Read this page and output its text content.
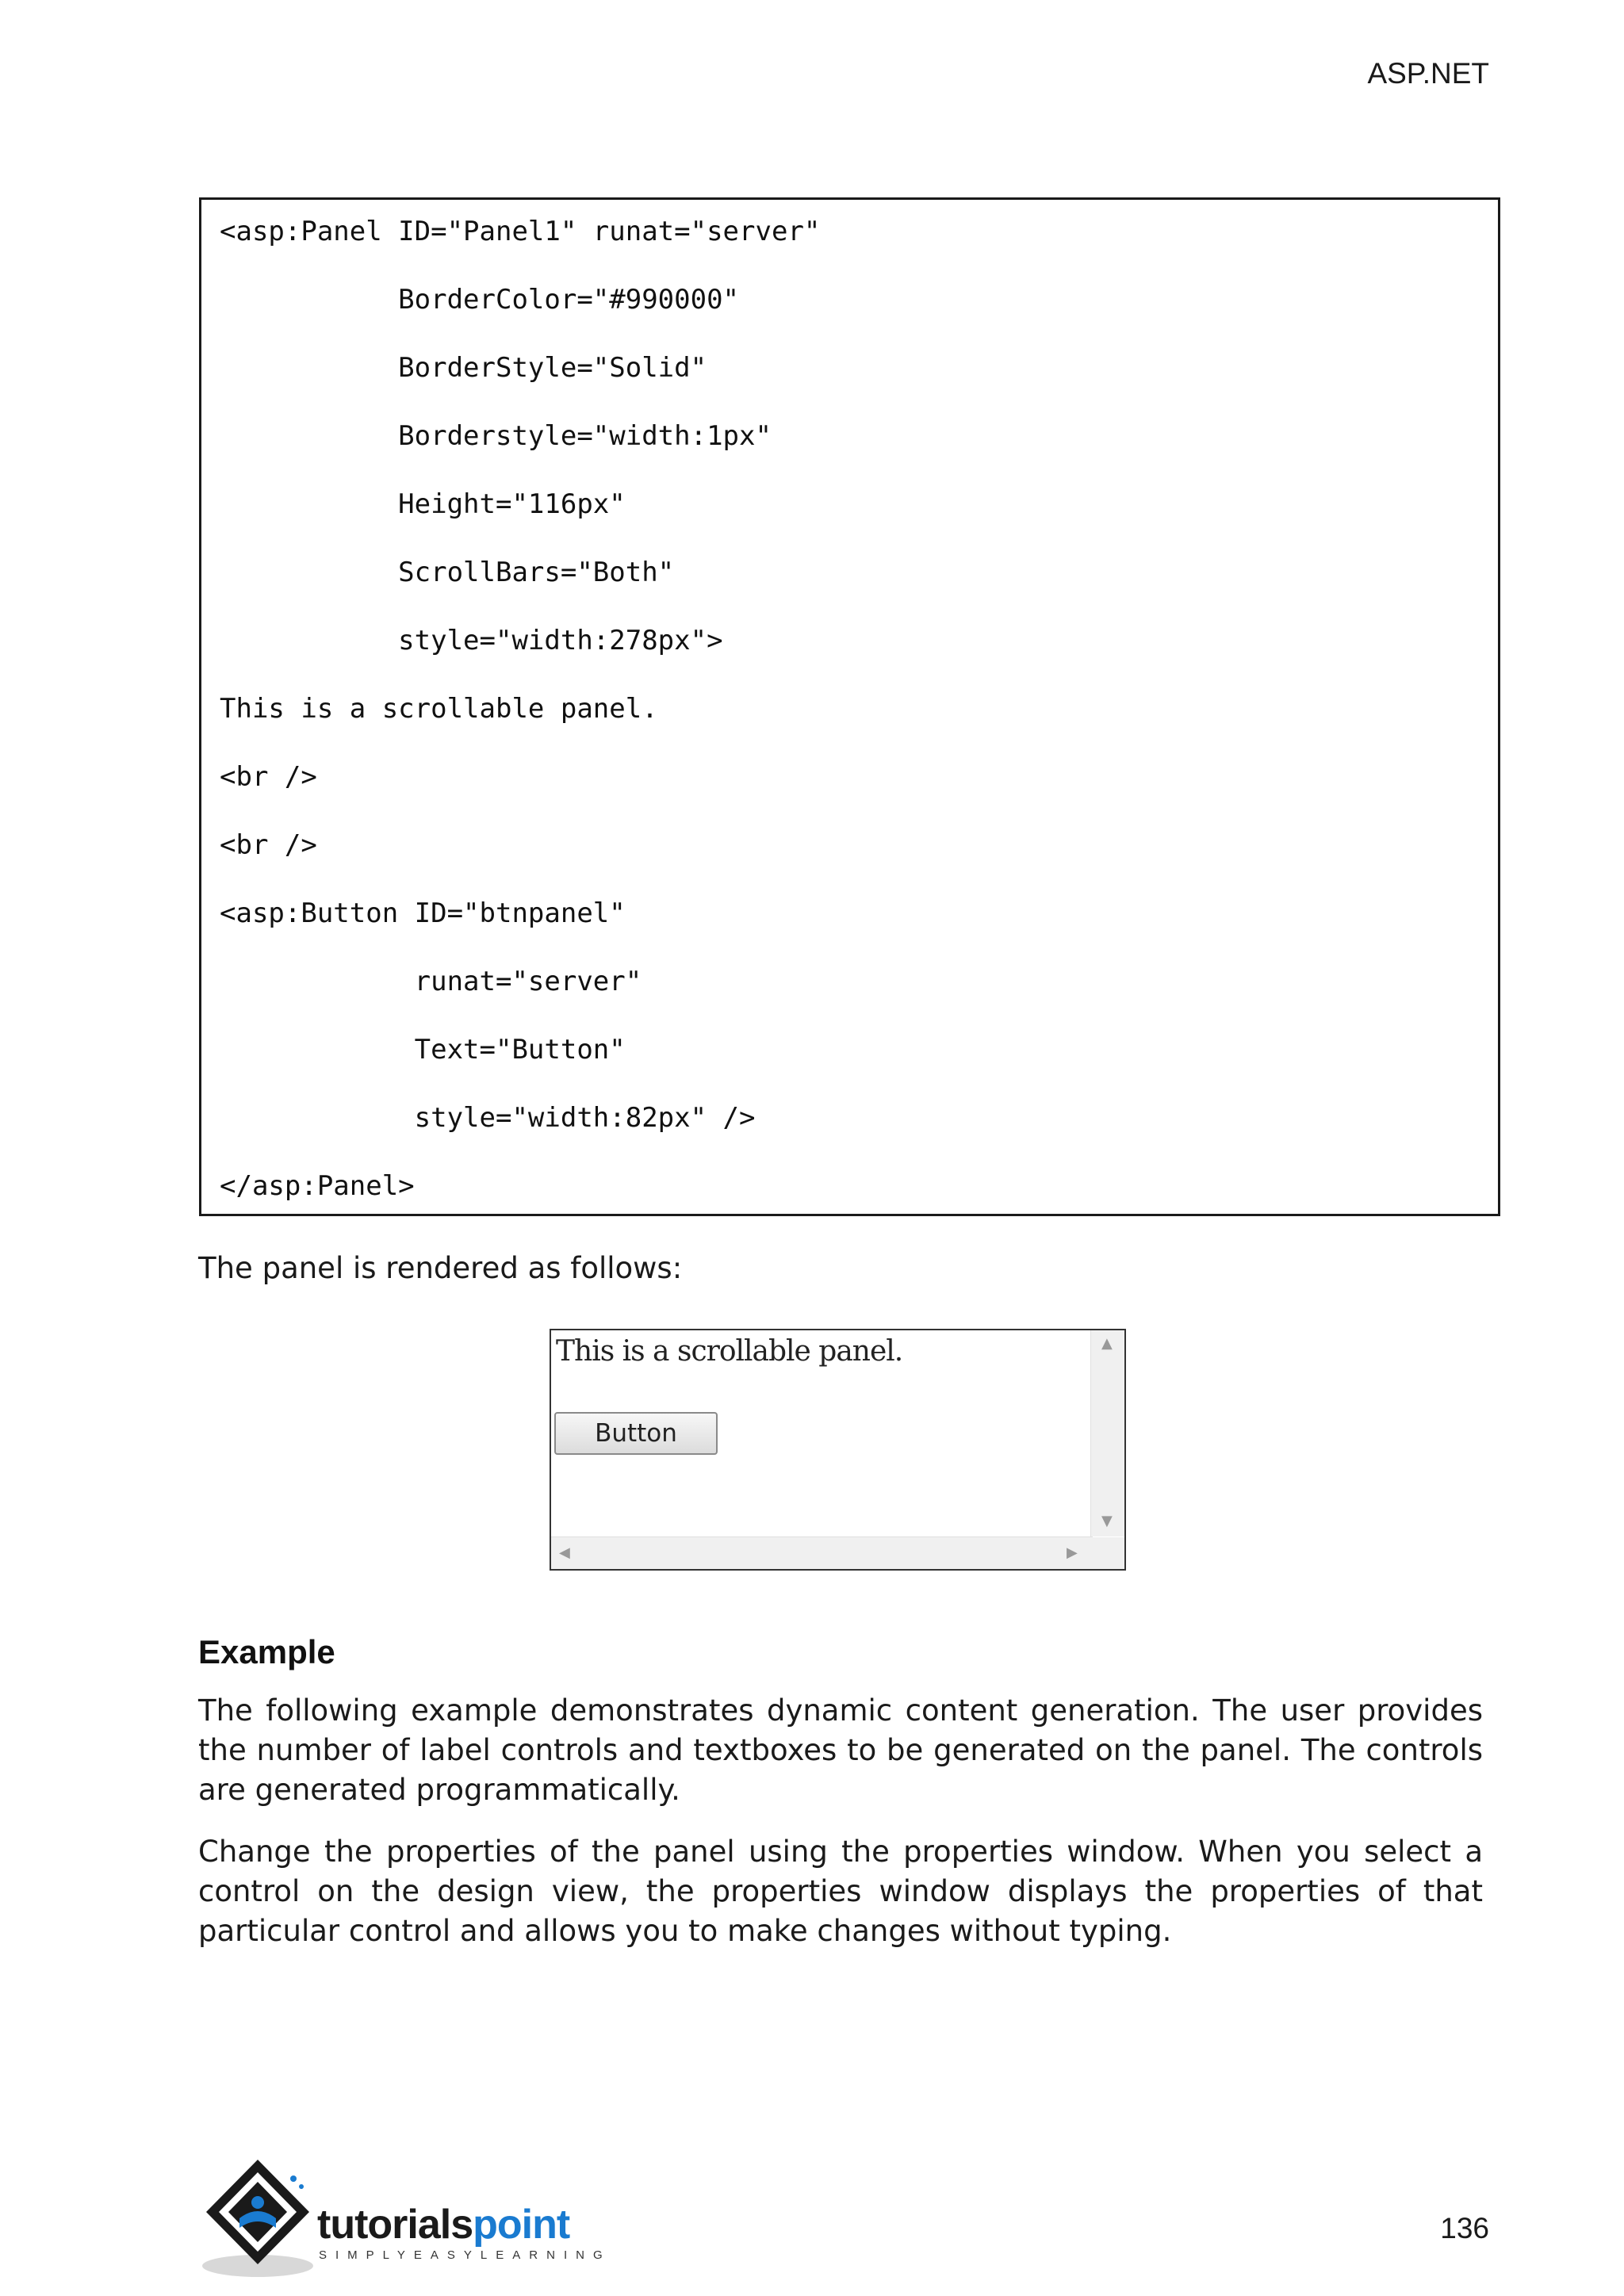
ASP.NET
<asp:Panel ID="Panel1" runat="server"
BorderColor="#990000"
BorderStyle="Solid"
Borderstyle="width:1px"
Height="116px"
ScrollBars="Both"
style="width:278px">
This is a scrollable panel.
<br />
<br />
<asp:Button ID="btnpanel"
runat="server"
Text="Button"
style="width:82px" />
</asp:Panel>
The panel is rendered as follows:
This is a scrollable panel.
Button
▲
▼
◀	▶
Example
The following example demonstrates dynamic content generation. The user provides
the number of label controls and textboxes to be generated on the panel. The controls
are generated programmatically.
Change the properties of the panel using the properties window. When you select a
control on the design view, the properties window displays the properties of that
particular control and allows you to make changes without typing.
tutorialspoint
SIMPLYEASYLEARNING
136
